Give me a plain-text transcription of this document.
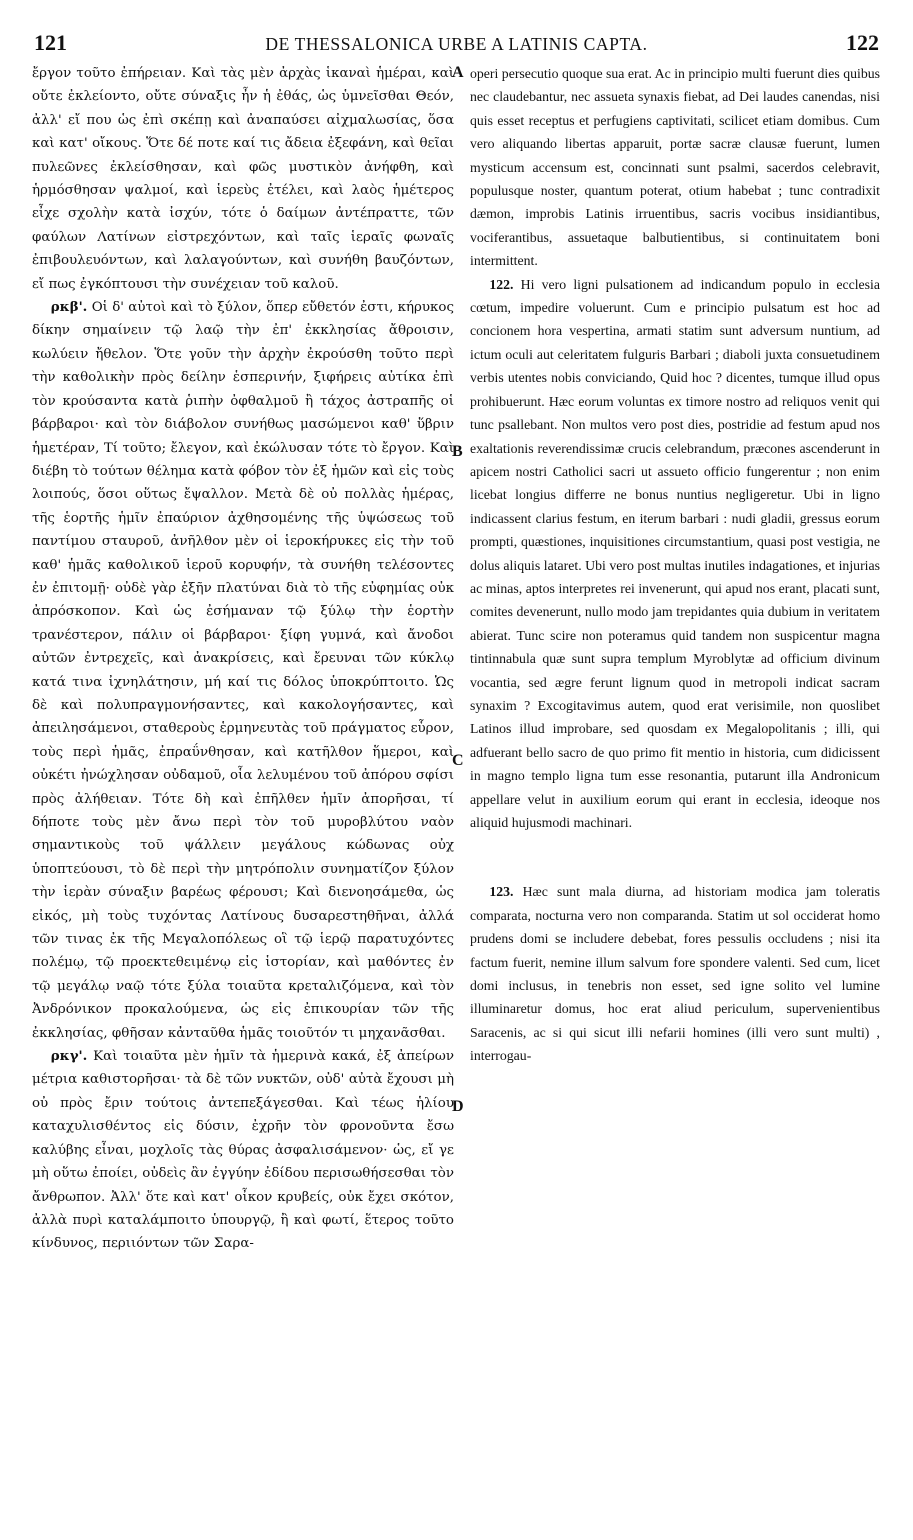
121	DE THESSALONICA URBE A LATINIS CAPTA.	122

ἔργον τοῦτο ἐπήρειαν. Καὶ τὰς μὲν ἀρχὰς ἱκαναὶ ἡμέραι, καὶ οὔτε ἐκλείοντο, οὔτε σύναξις ἦν ἡ ἐθάς, ὡς ὑμνεῖσθαι Θεόν, ἀλλ' εἴ που ὡς ἐπὶ σκέπῃ καὶ ἀναπαύσει αἰχμαλωσίας, ὅσα καὶ κατ' οἴκους. Ὅτε δέ ποτε καί τις ἄδεια ἐξεφάνη, καὶ θεῖαι πυλεῶνες ἐκλείσθησαν, καὶ φῶς μυστικὸν ἀνήφθη, καὶ ἡρμόσθησαν ψαλμοί, καὶ ἱερεὺς ἐτέλει, καὶ λαὸς ἡμέτερος εἶχε σχολὴν κατὰ ἰσχύν, τότε ὁ δαίμων ἀντέπραττε, τῶν φαύλων Λατίνων εἰστρεχόντων, καὶ ταῖς ἱεραῖς φωναῖς ἐπιβουλευόντων, καὶ λαλαγούντων, καὶ συνήθη βαυζόντων, εἴ πως ἐγκόπτουσι τὴν συνέχειαν τοῦ καλοῦ.

ρκβ'. Οἱ δ' αὐτοὶ καὶ τὸ ξύλον, ὅπερ εὔθετόν ἐστι, κήρυκος δίκην σημαίνειν τῷ λαῷ τὴν ἐπ' ἐκκλησίας ἄθροισιν, κωλύειν ἤθελον. Ὅτε γοῦν τὴν ἀρχὴν ἐκρούσθη τοῦτο περὶ τὴν καθολικὴν πρὸς δείλην ἑσπερινήν, ξιφήρεις αὐτίκα ἐπὶ τὸν κρούσαντα κατὰ ῥιπὴν ὀφθαλμοῦ ἢ τάχος ἀστραπῆς οἱ βάρβαροι· καὶ τὸν διάβολον συνήθως μασώμενοι καθ' ὕβριν ἡμετέραν, Τί τοῦτο; ἔλεγον, καὶ ἐκώλυσαν τότε τὸ ἔργον. Καὶ διέβη τὸ τούτων θέλημα κατὰ φόβον τὸν ἐξ ἡμῶν καὶ εἰς τοὺς λοιπούς, ὅσοι οὕτως ἔψαλλον. Μετὰ δὲ οὐ πολλὰς ἡμέρας, τῆς ἑορτῆς ἡμῖν ἐπαύριον ἀχθησομένης τῆς ὑψώσεως τοῦ παντίμου σταυροῦ, ἀνῆλθον μὲν οἱ ἱεροκήρυκες εἰς τὴν τοῦ καθ' ἡμᾶς καθολικοῦ ἱεροῦ κορυφήν, τὰ συνήθη τελέσοντες ἐν ἐπιτομῇ· οὐδὲ γὰρ ἐξῆν πλατύναι διὰ τὸ τῆς εὐφημίας οὐκ ἀπρόσκοπον. Καὶ ὡς ἐσήμαναν τῷ ξύλῳ τὴν ἑορτὴν τρανέστερον, πάλιν οἱ βάρβαροι· ξίφη γυμνά, καὶ ἄνοδοι αὐτῶν ἐντρεχεῖς, καὶ ἀνακρίσεις, καὶ ἔρευναι τῶν κύκλῳ κατά τινα ἰχνηλάτησιν, μή καί τις δόλος ὑποκρύπτοιτο. Ὡς δὲ καὶ πολυπραγμονήσαντες, καὶ κακολογήσαντες, καὶ ἀπειλησάμενοι, σταθεροὺς ἑρμηνευτὰς τοῦ πράγματος εὗρον, τοὺς περὶ ἡμᾶς, ἐπραΰνθησαν, καὶ κατῆλθον ἥμεροι, καὶ οὐκέτι ἠνώχλησαν οὐδαμοῦ, οἷα λελυμένου τοῦ ἀπόρου σφίσι πρὸς ἀλήθειαν. Τότε δὴ καὶ ἐπῆλθεν ἡμῖν ἀπορῆσαι, τί δήποτε τοὺς μὲν ἄνω περὶ τὸν τοῦ μυροβλύτου ναὸν σημαντικοὺς τοῦ ψάλλειν μεγάλους κώδωνας οὐχ ὑποπτεύουσι, τὸ δὲ περὶ τὴν μητρόπολιν συνηματίζον ξύλον τὴν ἱερὰν σύναξιν βαρέως φέρουσι; Καὶ διενοησάμεθα, ὡς εἰκός, μὴ τοὺς τυχόντας Λατίνους δυσαρεστηθῆναι, ἀλλά τῶν τινας ἐκ τῆς Μεγαλοπόλεως οἳ τῷ ἱερῷ παρατυχόντες πολέμῳ, τῷ προεκτεθειμένῳ εἰς ἱστορίαν, καὶ μαθόντες ἐν τῷ μεγάλῳ ναῷ τότε ξύλα τοιαῦτα κρεταλιζόμενα, καὶ τὸν Ἀνδρόνικον προκαλούμενα, ὡς εἰς ἐπικουρίαν τῶν τῆς ἐκκλησίας, φθῆσαν κἀνταῦθα ἡμᾶς τοιοῦτόν τι μηχανᾶσθαι.

ρκγ'. Καὶ τοιαῦτα μὲν ἡμῖν τὰ ἡμερινὰ κακά, ἐξ ἀπείρων μέτρια καθιστορῆσαι· τὰ δὲ τῶν νυκτῶν, οὐδ' αὐτὰ ἔχουσι μὴ οὐ πρὸς ἔριν τούτοις ἀντεπεξάγεσθαι. Καὶ τέως ἡλίου καταχυλισθέντος εἰς δύσιν, ἐχρῆν τὸν φρονοῦντα ἔσω καλύβης εἶναι, μοχλοῖς τὰς θύρας ἀσφαλισάμενον· ὡς, εἴ γε μὴ οὕτω ἐποίει, οὐδεὶς ἂν ἐγγύην ἐδίδου περισωθήσεσθαι τὸν ἄνθρωπον. Ἀλλ' ὅτε καὶ κατ' οἶκον κρυβείς, οὐκ ἔχει σκότον, ἀλλὰ πυρὶ καταλάμποιτο ὑπουργῷ, ἢ καὶ φωτί, ἕτερος τοῦτο κίνδυνος, περιιόντων τῶν Σαρα-

A
B
C
D

operi persecutio quoque sua erat. Ac in principio multi fuerunt dies quibus nec claudebantur, nec assueta synaxis fiebat, ad Dei laudes canendas, nisi quis esset receptus et perfugiens captivitati, scilicet etiam domibus. Cum vero aliquando libertas apparuit, portæ sacræ clausæ fuerunt, lumen mysticum accensum est, concinnati sunt psalmi, sacerdos celebravit, populusque noster, quantum poterat, otium habebat ; tunc contradixit dæmon, improbis Latinis irruentibus, sacris vocibus insidiantibus, vociferantibus, assuetaque balbutientibus, si continuitatem boni intermittent.

122. Hi vero ligni pulsationem ad indicandum populo in ecclesia cœtum, impedire voluerunt. Cum e principio pulsatum est hoc ad concionem hora vespertina, armati statim sunt adversum nuntium, ad ictum oculi aut celeritatem fulguris Barbari ; diaboli juxta consuetudinem verbis utentes nobis conviciando, Quid hoc ? dicentes, tumque illud opus prohibuerunt. Hæc eorum voluntas ex timore nostro ad reliquos venit qui tunc psallebant. Non multos vero post dies, postridie ad festum apud nos exaltationis reverendissimæ crucis celebrandum, præcones ascenderunt in apicem nostri Catholici sacri ut assueto officio fungerentur ; non enim licebat longius differre ne bonus nuntius negligeretur. Ubi in ligno indicassent clarius festum, en iterum barbari : nudi gladii, gressus eorum prompti, quæstiones, inquisitiones circumstantium, quasi post vestigia, ne dolus aliquis lataret. Ubi vero post multas inutiles indagationes, et injurias ac minas, aptos interpretes rei invenerunt, qui apud nos erant, placati sunt, comites devenerunt, nullo modo jam trepidantes quia dubium in veritatem abierat. Tunc scire non poteramus quid tandem non suspicentur magna tintinnabula quæ sunt supra templum Myroblytæ ad officium divinum vocantia, sed ægre ferunt lignum quod in metropoli indicat sacram synaxim ? Excogitavimus autem, quod erat verisimile, non quoslibet Latinos illud improbare, sed quosdam ex Megalopolitanis ; illi, qui adfuerant bello sacro de quo primo fit mentio in historia, cum didicissent in magno templo ligna tum esse resonantia, putarunt illa Andronicum appellare velut in auxilium eorum qui erant in ecclesia, ideoque nos aliquid hujusmodi machinari.

123. Hæc sunt mala diurna, ad historiam modica jam toleratis comparata, nocturna vero non comparanda. Statim ut sol occiderat homo prudens domi se includere debebat, fores pessulis occludens ; nisi ita factum fuerit, nemine illum salvum fore spondere valenti. Sed cum, licet domi inclusus, in tenebris non esset, sed igne solito vel lumine illuminaretur domus, hoc erat aliud periculum, supervenientibus Saracenis, ac si qui sicut illi nefarii homines (illi vero sunt multi) , interrogau-
